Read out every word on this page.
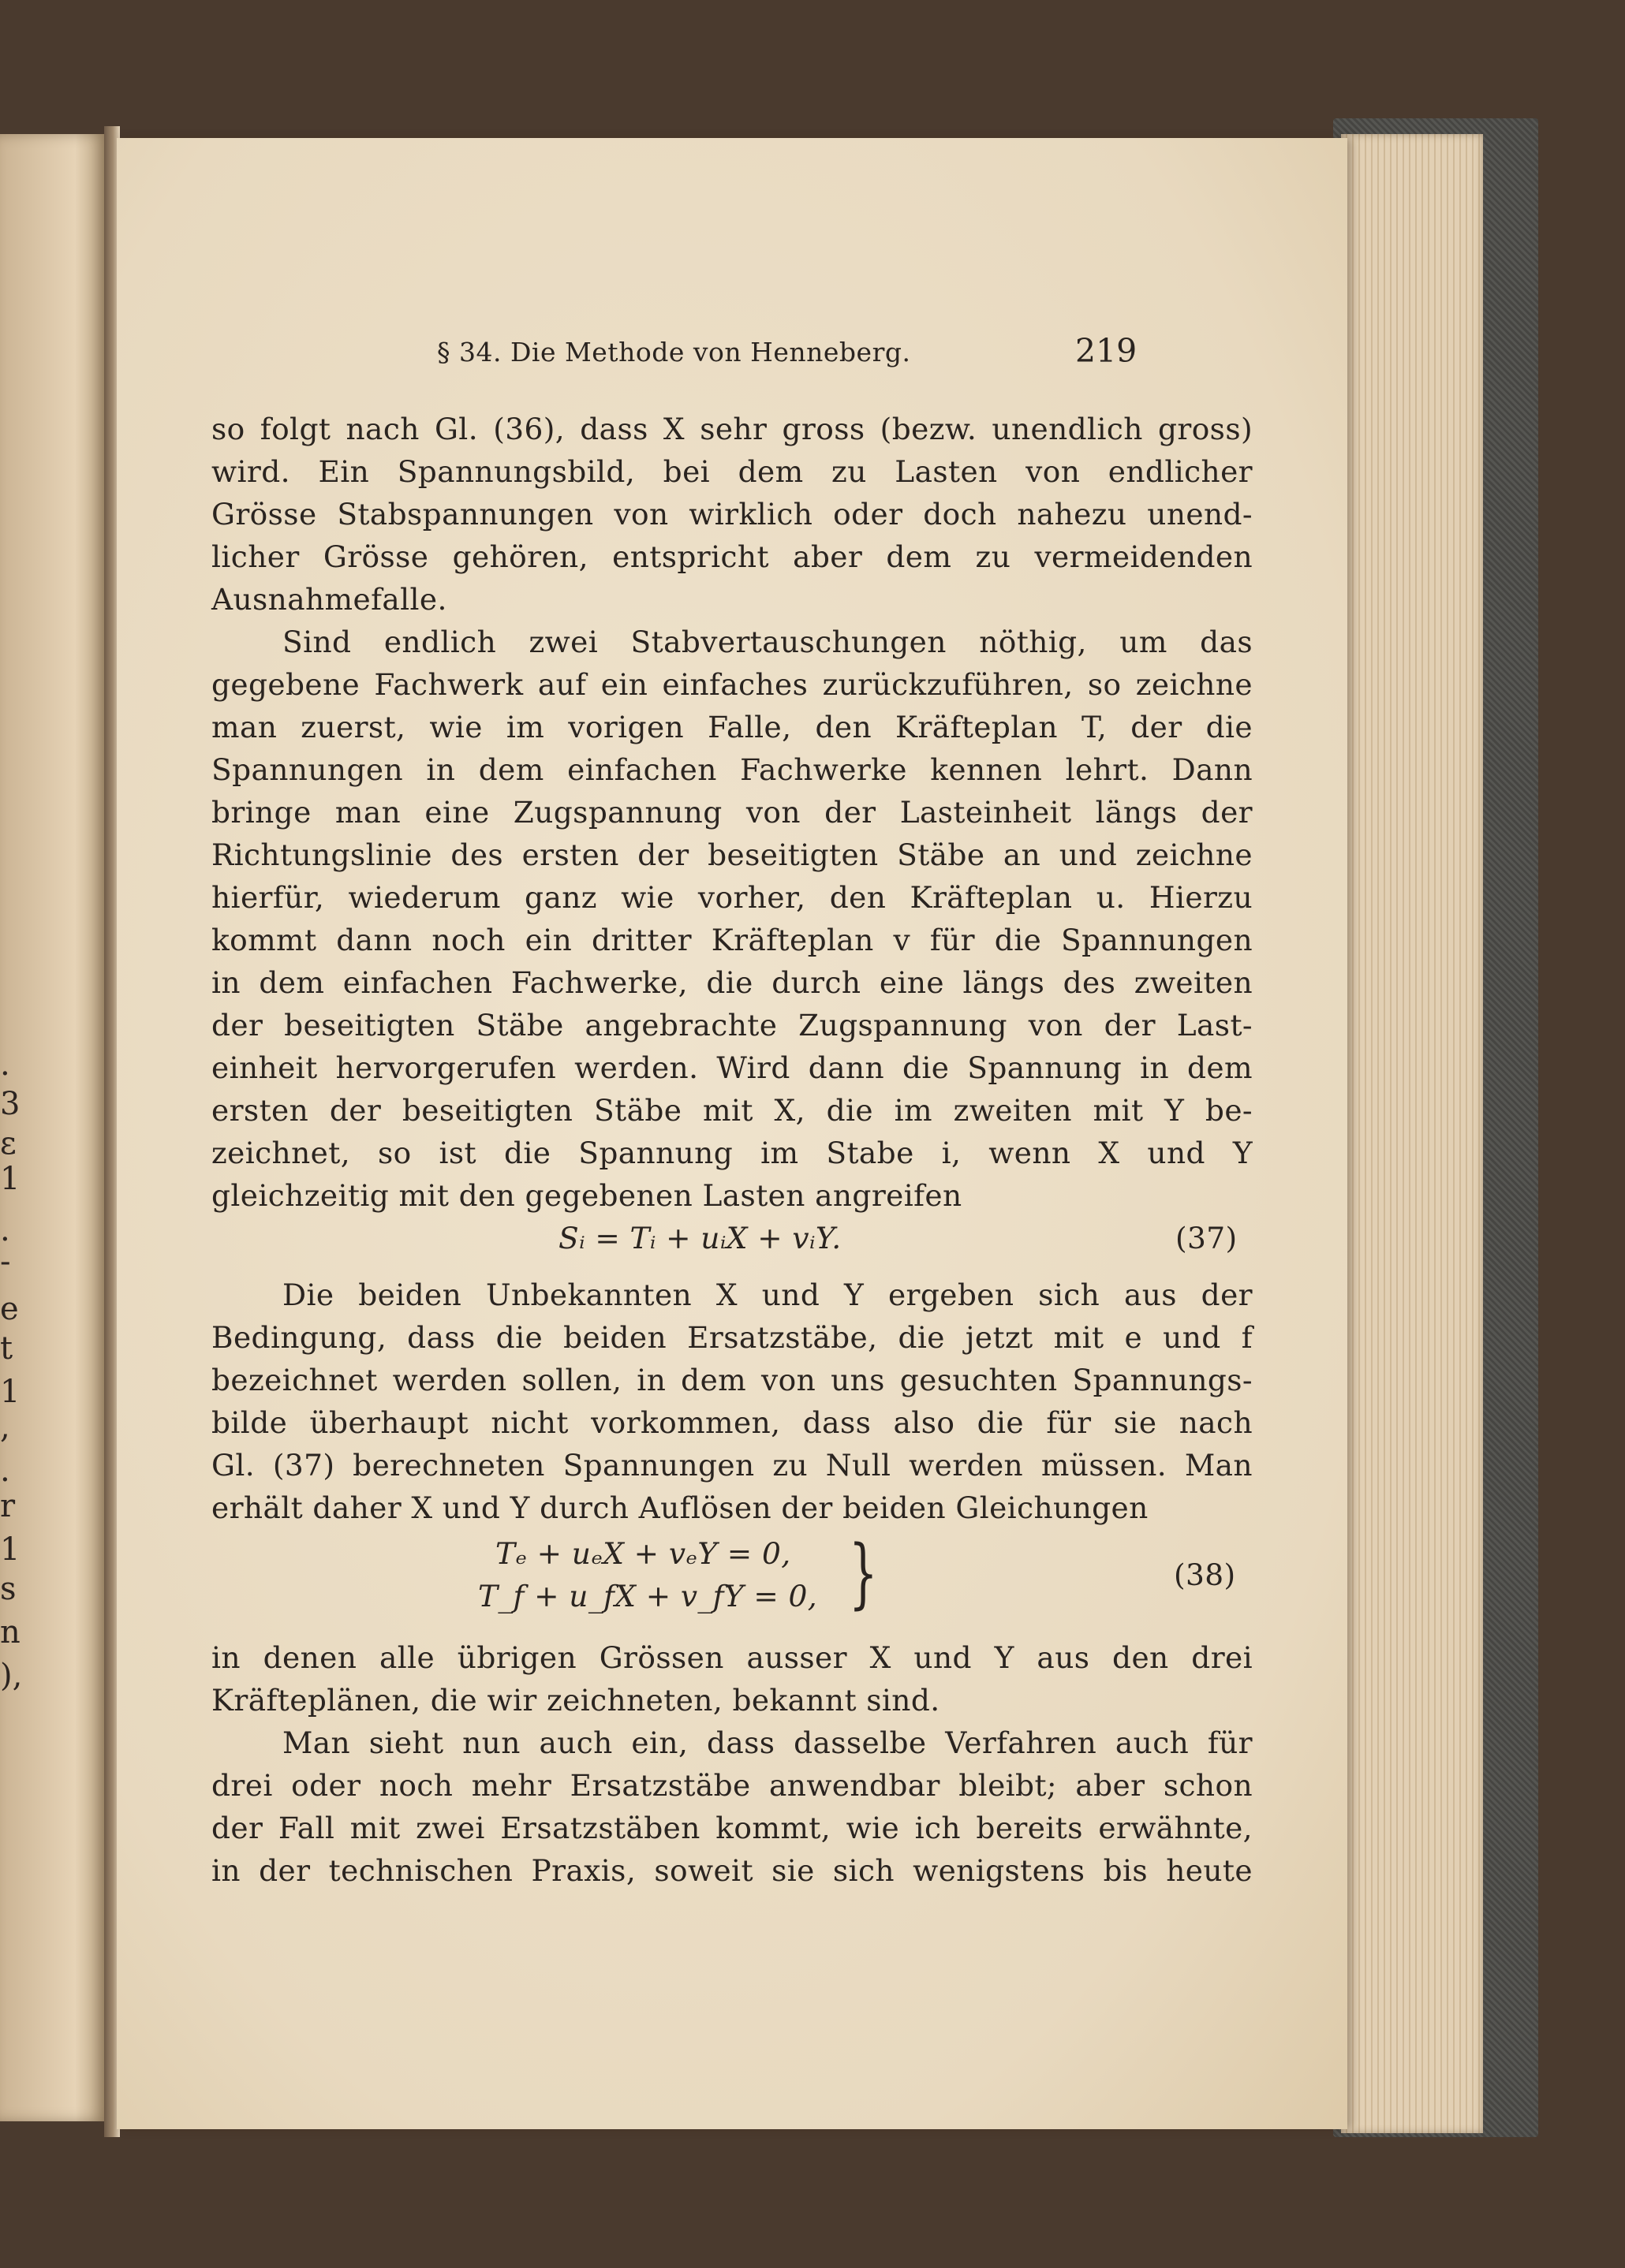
.
3
ɛ
1
.
-
e
t
1
,
.
r
1
s
n
),
§ 34. Die Methode von Henneberg.	219
so folgt nach Gl. (36), dass X sehr gross (bezw. unendlich gross)
wird. Ein Spannungsbild, bei dem zu Lasten von endlicher
Grösse Stabspannungen von wirklich oder doch nahezu unend-
licher Grösse gehören, entspricht aber dem zu vermeidenden
Ausnahmefalle.
Sind endlich zwei Stabvertauschungen nöthig, um das
gegebene Fachwerk auf ein einfaches zurückzuführen, so zeichne
man zuerst, wie im vorigen Falle, den Kräfteplan T, der die
Spannungen in dem einfachen Fachwerke kennen lehrt. Dann
bringe man eine Zugspannung von der Lasteinheit längs der
Richtungslinie des ersten der beseitigten Stäbe an und zeichne
hierfür, wiederum ganz wie vorher, den Kräfteplan u. Hierzu
kommt dann noch ein dritter Kräfteplan v für die Spannungen
in dem einfachen Fachwerke, die durch eine längs des zweiten
der beseitigten Stäbe angebrachte Zugspannung von der Last-
einheit hervorgerufen werden. Wird dann die Spannung in dem
ersten der beseitigten Stäbe mit X, die im zweiten mit Y be-
zeichnet, so ist die Spannung im Stabe i, wenn X und Y
gleichzeitig mit den gegebenen Lasten angreifen
Sᵢ = Tᵢ + uᵢX + vᵢY.	(37)
Die beiden Unbekannten X und Y ergeben sich aus der
Bedingung, dass die beiden Ersatzstäbe, die jetzt mit e und f
bezeichnet werden sollen, in dem von uns gesuchten Spannungs-
bilde überhaupt nicht vorkommen, dass also die für sie nach
Gl. (37) berechneten Spannungen zu Null werden müssen. Man
erhält daher X und Y durch Auflösen der beiden Gleichungen
Tₑ + uₑX + vₑY = 0,
T_f + u_fX + v_fY = 0, }	(38)
in denen alle übrigen Grössen ausser X und Y aus den drei
Kräfteplänen, die wir zeichneten, bekannt sind.
Man sieht nun auch ein, dass dasselbe Verfahren auch für
drei oder noch mehr Ersatzstäbe anwendbar bleibt; aber schon
der Fall mit zwei Ersatzstäben kommt, wie ich bereits erwähnte,
in der technischen Praxis, soweit sie sich wenigstens bis heute
